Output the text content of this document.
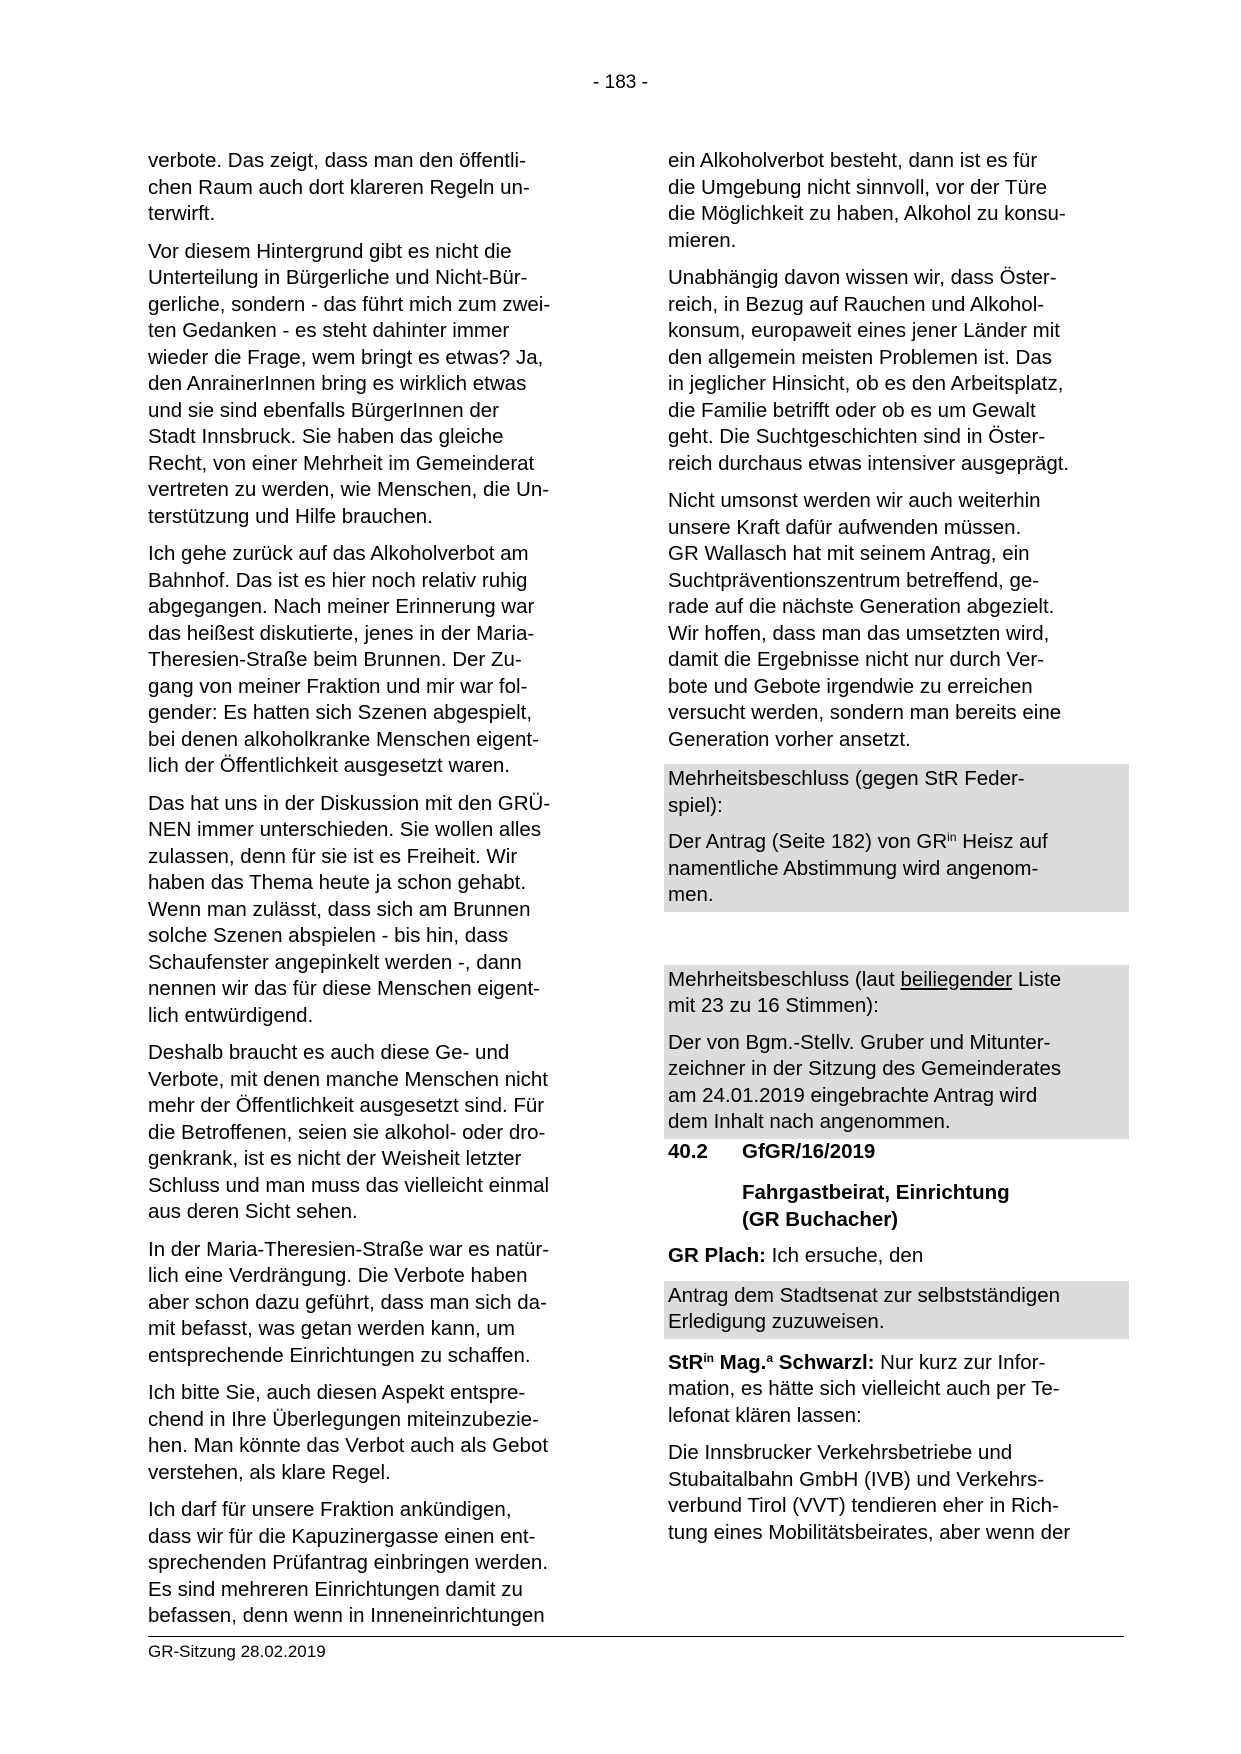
- 183 -

verbote. Das zeigt, dass man den öffentli-
chen Raum auch dort klareren Regeln un-
terwirft.

Vor diesem Hintergrund gibt es nicht die
Unterteilung in Bürgerliche und Nicht-Bür-
gerliche, sondern - das führt mich zum zwei-
ten Gedanken - es steht dahinter immer
wieder die Frage, wem bringt es etwas? Ja,
den AnrainerInnen bring es wirklich etwas
und sie sind ebenfalls BürgerInnen der
Stadt Innsbruck. Sie haben das gleiche
Recht, von einer Mehrheit im Gemeinderat
vertreten zu werden, wie Menschen, die Un-
terstützung und Hilfe brauchen.

Ich gehe zurück auf das Alkoholverbot am
Bahnhof. Das ist es hier noch relativ ruhig
abgegangen. Nach meiner Erinnerung war
das heißest diskutierte, jenes in der Maria-
Theresien-Straße beim Brunnen. Der Zu-
gang von meiner Fraktion und mir war fol-
gender: Es hatten sich Szenen abgespielt,
bei denen alkoholkranke Menschen eigent-
lich der Öffentlichkeit ausgesetzt waren.

Das hat uns in der Diskussion mit den GRÜ-
NEN immer unterschieden. Sie wollen alles
zulassen, denn für sie ist es Freiheit. Wir
haben das Thema heute ja schon gehabt.
Wenn man zulässt, dass sich am Brunnen
solche Szenen abspielen - bis hin, dass
Schaufenster angepinkelt werden -, dann
nennen wir das für diese Menschen eigent-
lich entwürdigend.

Deshalb braucht es auch diese Ge- und
Verbote, mit denen manche Menschen nicht
mehr der Öffentlichkeit ausgesetzt sind. Für
die Betroffenen, seien sie alkohol- oder dro-
genkrank, ist es nicht der Weisheit letzter
Schluss und man muss das vielleicht einmal
aus deren Sicht sehen.

In der Maria-Theresien-Straße war es natür-
lich eine Verdrängung. Die Verbote haben
aber schon dazu geführt, dass man sich da-
mit befasst, was getan werden kann, um
entsprechende Einrichtungen zu schaffen.

Ich bitte Sie, auch diesen Aspekt entspre-
chend in Ihre Überlegungen miteinzubezie-
hen. Man könnte das Verbot auch als Gebot
verstehen, als klare Regel.

Ich darf für unsere Fraktion ankündigen,
dass wir für die Kapuzinergasse einen ent-
sprechenden Prüfantrag einbringen werden.
Es sind mehreren Einrichtungen damit zu
befassen, denn wenn in Inneneinrichtungen

ein Alkoholverbot besteht, dann ist es für
die Umgebung nicht sinnvoll, vor der Türe
die Möglichkeit zu haben, Alkohol zu konsu-
mieren.

Unabhängig davon wissen wir, dass Öster-
reich, in Bezug auf Rauchen und Alkohol-
konsum, europaweit eines jener Länder mit
den allgemein meisten Problemen ist. Das
in jeglicher Hinsicht, ob es den Arbeitsplatz,
die Familie betrifft oder ob es um Gewalt
geht. Die Suchtgeschichten sind in Öster-
reich durchaus etwas intensiver ausgeprägt.

Nicht umsonst werden wir auch weiterhin
unsere Kraft dafür aufwenden müssen.
GR Wallasch hat mit seinem Antrag, ein
Suchtpräventionszentrum betreffend, ge-
rade auf die nächste Generation abgezielt.
Wir hoffen, dass man das umsetzten wird,
damit die Ergebnisse nicht nur durch Ver-
bote und Gebote irgendwie zu erreichen
versucht werden, sondern man bereits eine
Generation vorher ansetzt.

Mehrheitsbeschluss (gegen StR Feder-
spiel):

Der Antrag (Seite 182) von $GR^{in}$ Heisz auf
namentliche Abstimmung wird angenom-
men.

Mehrheitsbeschluss (laut beiliegender Liste
mit 23 zu 16 Stimmen):

Der von Bgm.-Stellv. Gruber und Mitunter-
zeichner in der Sitzung des Gemeinderates
am 24.01.2019 eingebrachte Antrag wird
dem Inhalt nach angenommen.

40.2 GfGR/16/2019

Fahrgastbeirat, Einrichtung
(GR Buchacher)

GR Plach: Ich ersuche, den

Antrag dem Stadtsenat zur selbstständigen
Erledigung zuzuweisen.

StR$^{in}$ Mag.$^a$ Schwarzl: Nur kurz zur Infor-
mation, es hätte sich vielleicht auch per Te-
lefonat klären lassen:

Die Innsbrucker Verkehrsbetriebe und
Stubaitalbahn GmbH (IVB) und Verkehrs-
verbund Tirol (VVT) tendieren eher in Rich-
tung eines Mobilitätsbeirates, aber wenn der

GR-Sitzung 28.02.2019
